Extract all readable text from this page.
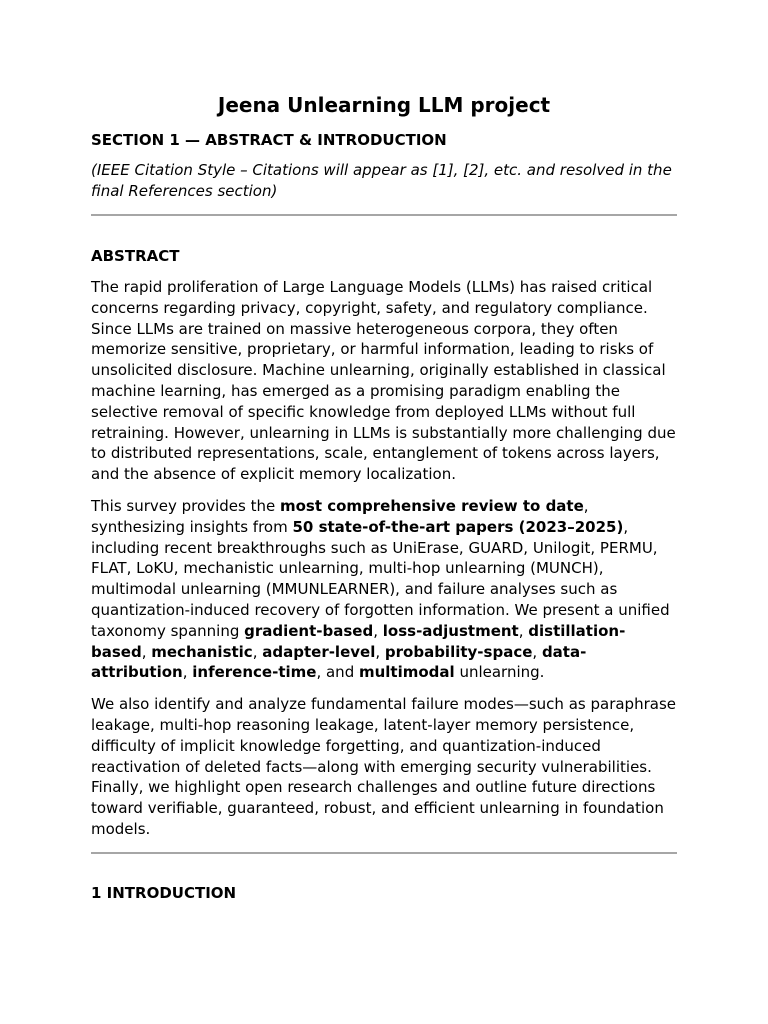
Jeena Unlearning LLM project
SECTION 1 — ABSTRACT & INTRODUCTION

(IEEE Citation Style – Citations will appear as [1], [2], etc. and resolved in the final References section)

ABSTRACT

The rapid proliferation of Large Language Models (LLMs) has raised critical concerns regarding privacy, copyright, safety, and regulatory compliance. Since LLMs are trained on massive heterogeneous corpora, they often memorize sensitive, proprietary, or harmful information, leading to risks of unsolicited disclosure. Machine unlearning, originally established in classical machine learning, has emerged as a promising paradigm enabling the selective removal of specific knowledge from deployed LLMs without full retraining. However, unlearning in LLMs is substantially more challenging due to distributed representations, scale, entanglement of tokens across layers, and the absence of explicit memory localization.

This survey provides the most comprehensive review to date, synthesizing insights from 50 state-of-the-art papers (2023–2025), including recent breakthroughs such as UniErase, GUARD, Unilogit, PERMU, FLAT, LoKU, mechanistic unlearning, multi-hop unlearning (MUNCH), multimodal unlearning (MMUNLEARNER), and failure analyses such as quantization-induced recovery of forgotten information. We present a unified taxonomy spanning gradient-based, loss-adjustment, distillation-based, mechanistic, adapter-level, probability-space, data-attribution, inference-time, and multimodal unlearning.

We also identify and analyze fundamental failure modes—such as paraphrase leakage, multi-hop reasoning leakage, latent-layer memory persistence, difficulty of implicit knowledge forgetting, and quantization-induced reactivation of deleted facts—along with emerging security vulnerabilities. Finally, we highlight open research challenges and outline future directions toward verifiable, guaranteed, robust, and efficient unlearning in foundation models.

1 INTRODUCTION
